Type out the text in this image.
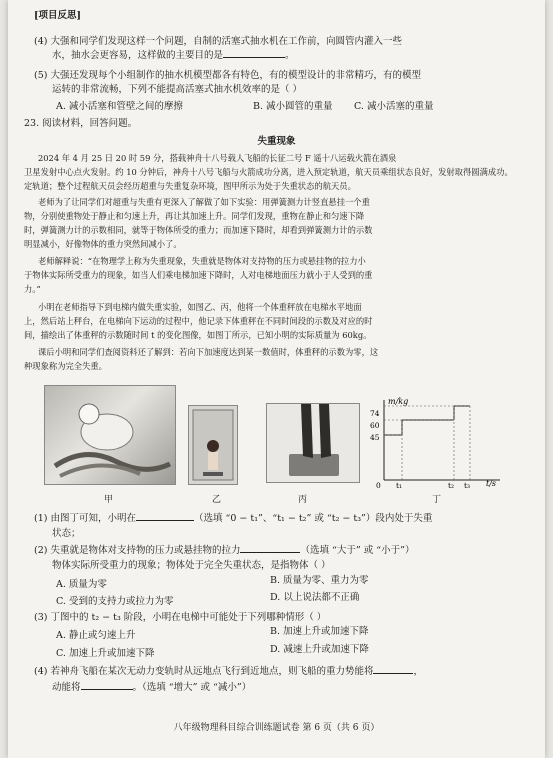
[项目反思]
(4) 大强和同学们发现这样一个问题，自制的活塞式抽水机在工作前，向圆管内灌入一些
水，抽水会更容易，这样做的主要目的是	。
(5) 大强还发现每个小组制作的抽水机模型都各有特色，有的模型设计的非常精巧，有的模型
运转的非常流畅，下列不能提高活塞式抽水机效率的是（ ）
A. 减小活塞和管壁之间的摩擦	B. 减小圆管的重量 C. 减小活塞的重量
23. 阅读材料，回答问题。
失重现象
2024 年 4 月 25 日 20 时 59 分，搭载神舟十八号载人飞船的长征二号 F 遥十八运载火箭在酒泉
卫星发射中心点火发射。约 10 分钟后，神舟十八号飞船与火箭成功分离，进入预定轨道，航天员乘组状态良好，发射取得圆满成功。
定轨道；整个过程航天员会经历超重与失重复杂环境，图甲所示为处于失重状态的航天员。
老师为了让同学们对超重与失重有更深入了解做了如下实验：用弹簧测力计竖直悬挂一个重
物，分别使重物处于静止和匀速上升，再让其加速上升。同学们发现，重物在静止和匀速下降
时，弹簧测力计的示数相同，就等于物体所受的重力；而加速下降时，却看到弹簧测力计的示数
明显减小，好像物体的重力突然间减小了。
老师解释说：“在物理学上称为失重现象，失重就是物体对支持物的压力或悬挂物的拉力小
于物体实际所受重力的现象，如当人们乘电梯加速下降时，人对电梯地面压力就小于人受到的重
力。”
小明在老师指导下到电梯内做失重实验，如图乙、丙，他将一个体重秤放在电梯水平地面
上，然后站上秤台，在电梯向下运动的过程中，他记录下体重秤在不同时间段的示数及对应的时
间，描绘出了体重秤的示数随时间 t 的变化图像，如图丁所示，已知小明的实际质量为 60kg。
课后小明和同学们查阅资料还了解到：若向下加速度达到某一数值时，体重秤的示数为零，这
种现象称为完全失重。
甲	乙	丙
m/kg
t/s
74
60
45
0 t₁	t₂ t₃
丁
(1) 由图丁可知，小明在	（选填 “0 − t₁”、“t₁ − t₂” 或 “t₂ − t₃”）段内处于失重
状态；
(2) 失重就是物体对支持物的压力或悬挂物的拉力	（选填 “大于” 或 “小于”）
物体实际所受重力的现象；物体处于完全失重状态，是指物体（ ）
A. 质量为零	B. 质量为零、重力为零
C. 受到的支持力或拉力为零	D. 以上说法都不正确
(3) 丁图中的 t₂ − t₃ 阶段，小明在电梯中可能处于下列哪种情形（ ）
A. 静止或匀速上升	B. 加速上升或加速下降
C. 加速上升或加速下降	D. 减速上升或加速下降
(4) 若神舟飞船在某次无动力变轨时从远地点飞行到近地点，则飞船的重力势能将	，
动能将	。（选填 “增大” 或 “减小”）
八年级物理科目综合训练题试卷 第 6 页（共 6 页）
